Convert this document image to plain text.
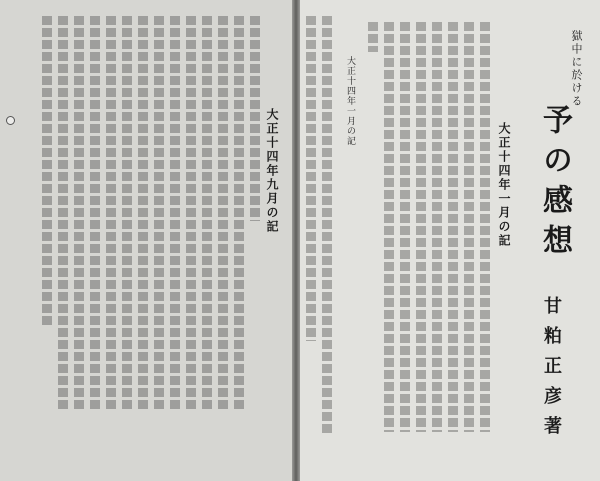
大正十四年九月の記
獄中に於ける
予の感想
甘粕正彦著
大正十四年一月の記
大正十四年一月の記
